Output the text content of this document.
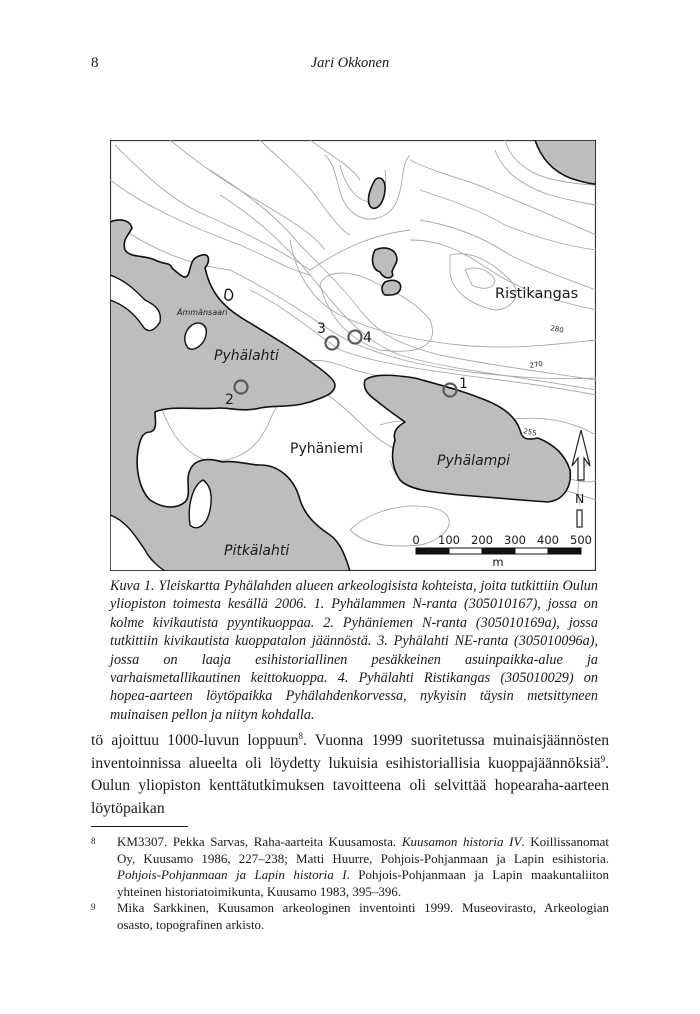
8	Jari Okkonen
280
270
255
Ristikangas
Ämmänsaari
Pyhälahti
Pyhäniemi
Pyhälampi
Pitkälahti
1
2
3
4
N
0 100 200 300 400 500
m
Kuva 1. Yleiskartta Pyhälahden alueen arkeologisista kohteista, joita tutkittiin Oulun yliopiston toimesta kesällä 2006. 1. Pyhälammen N-ranta (305010167), jossa on kolme kivikautista pyyntikuoppaa. 2. Pyhäniemen N-ranta (305010169a), jossa tutkittiin kivikautista kuoppatalon jäännöstä. 3. Pyhälahti NE-ranta (305010096a), jossa on laaja esihistoriallinen pesäkkeinen asuinpaikka-alue ja varhaismetallikautinen keittokuoppa. 4. Pyhälahti Ristikangas (305010029) on hopea-aarteen löytöpaikka Pyhälahdenkorvessa, nykyisin täysin metsittyneen muinaisen pellon ja niityn kohdalla.

tö ajoittuu 1000-luvun loppuun$^8$. Vuonna 1999 suoritetussa muinaisjäännösten inventoinnissa alueelta oli löydetty lukuisia esihistoriallisia kuoppajäännöksiä$^9$. Oulun yliopiston kenttätutkimuksen tavoitteena oli selvittää hopearaha-aarteen löytöpaikan

8 KM3307. Pekka Sarvas, Raha-aarteita Kuusamosta. Kuusamon historia IV. Koillissanomat Oy, Kuusamo 1986, 227–238; Matti Huurre, Pohjois-Pohjanmaan ja Lapin esihistoria. Pohjois-Pohjanmaan ja Lapin historia I. Pohjois-Pohjanmaan ja Lapin maakuntaliiton yhteinen historiatoimikunta, Kuusamo 1983, 395–396.
9 Mika Sarkkinen, Kuusamon arkeologinen inventointi 1999. Museovirasto, Arkeologian osasto, topografinen arkisto.
